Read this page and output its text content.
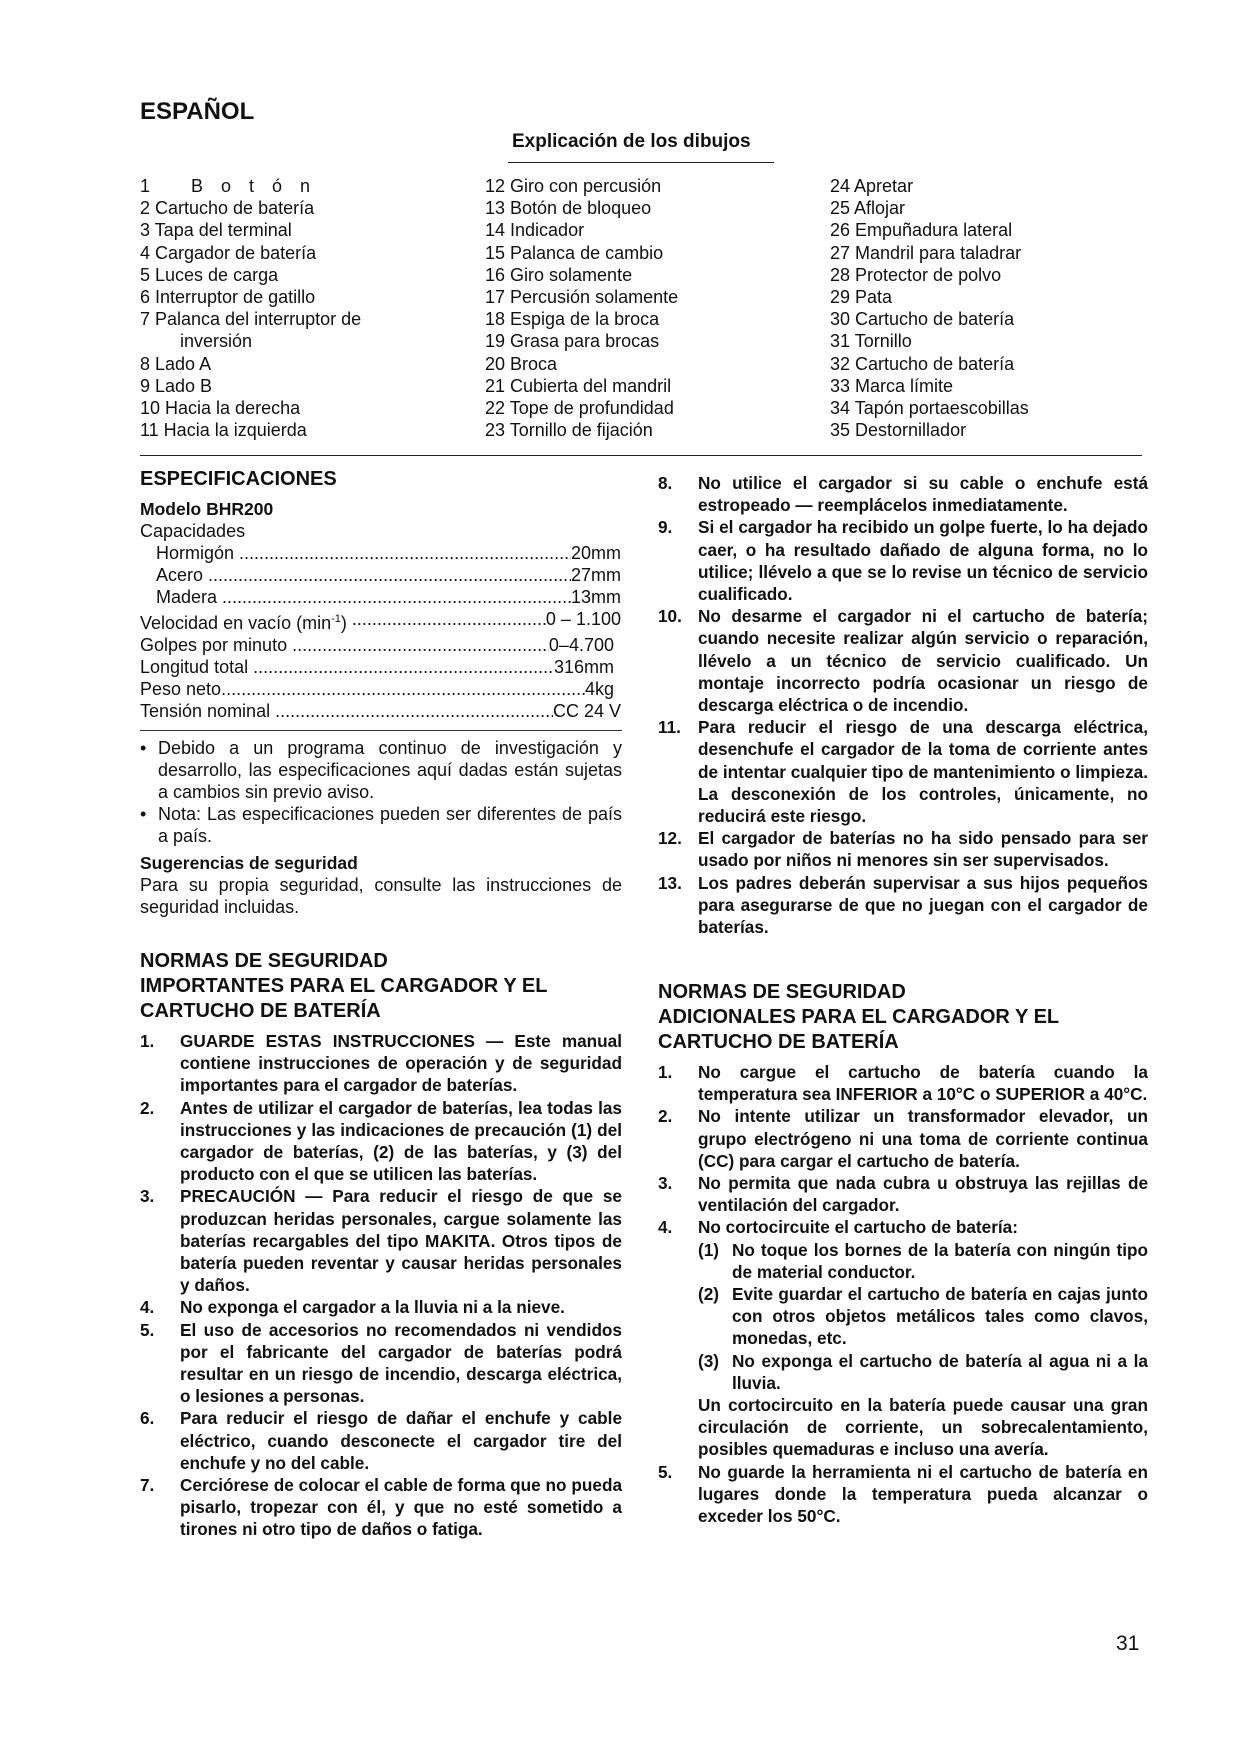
ESPAÑOL
Explicación de los dibujos
1 Botón
2 Cartucho de batería
3 Tapa del terminal
4 Cargador de batería
5 Luces de carga
6 Interruptor de gatillo
7 Palanca del interruptor de
inversión
8 Lado A
9 Lado B
10 Hacia la derecha
11 Hacia la izquierda
12 Giro con percusión
13 Botón de bloqueo
14 Indicador
15 Palanca de cambio
16 Giro solamente
17 Percusión solamente
18 Espiga de la broca
19 Grasa para brocas
20 Broca
21 Cubierta del mandril
22 Tope de profundidad
23 Tornillo de fijación
24 Apretar
25 Aflojar
26 Empuñadura lateral
27 Mandril para taladrar
28 Protector de polvo
29 Pata
30 Cartucho de batería
31 Tornillo
32 Cartucho de batería
33 Marca límite
34 Tapón portaescobillas
35 Destornillador
ESPECIFICACIONES
Modelo BHR200
Capacidades
Hormigón .....	20mm
Acero .....	27mm
Madera .....	13mm
Velocidad en vacío $(\min^{-1})$ .....	0 – 1.100
Golpes por minuto .....	0–4.700
Longitud total .....	316mm
Peso neto .....	4kg
Tensión nominal .....	CC 24 V
• Debido a un programa continuo de investigación y desarrollo, las especificaciones aquí dadas están sujetas a cambios sin previo aviso.
• Nota: Las especificaciones pueden ser diferentes de país a país.
Sugerencias de seguridad
Para su propia seguridad, consulte las instrucciones de seguridad incluidas.
NORMAS DE SEGURIDAD
IMPORTANTES PARA EL CARGADOR Y EL
CARTUCHO DE BATERÍA
1.	GUARDE ESTAS INSTRUCCIONES — Este manual contiene instrucciones de operación y de seguridad importantes para el cargador de baterías.
2.	Antes de utilizar el cargador de baterías, lea todas las instrucciones y las indicaciones de precaución (1) del cargador de baterías, (2) de las baterías, y (3) del producto con el que se utilicen las baterías.
3.	PRECAUCIÓN — Para reducir el riesgo de que se produzcan heridas personales, cargue solamente las baterías recargables del tipo MAKITA. Otros tipos de batería pueden reventar y causar heridas personales y daños.
4.	No exponga el cargador a la lluvia ni a la nieve.
5.	El uso de accesorios no recomendados ni vendidos por el fabricante del cargador de baterías podrá resultar en un riesgo de incendio, descarga eléctrica, o lesiones a personas.
6.	Para reducir el riesgo de dañar el enchufe y cable eléctrico, cuando desconecte el cargador tire del enchufe y no del cable.
7.	Cerciórese de colocar el cable de forma que no pueda pisarlo, tropezar con él, y que no esté sometido a tirones ni otro tipo de daños o fatiga.
8.	No utilice el cargador si su cable o enchufe está estropeado — reemplácelos inmediatamente.
9.	Si el cargador ha recibido un golpe fuerte, lo ha dejado caer, o ha resultado dañado de alguna forma, no lo utilice; llévelo a que se lo revise un técnico de servicio cualificado.
10. No desarme el cargador ni el cartucho de batería; cuando necesite realizar algún servicio o reparación, llévelo a un técnico de servicio cualificado. Un montaje incorrecto podría ocasionar un riesgo de descarga eléctrica o de incendio.
11. Para reducir el riesgo de una descarga eléctrica, desenchufe el cargador de la toma de corriente antes de intentar cualquier tipo de mantenimiento o limpieza. La desconexión de los controles, únicamente, no reducirá este riesgo.
12. El cargador de baterías no ha sido pensado para ser usado por niños ni menores sin ser supervisados.
13. Los padres deberán supervisar a sus hijos pequeños para asegurarse de que no juegan con el cargador de baterías.
NORMAS DE SEGURIDAD
ADICIONALES PARA EL CARGADOR Y EL
CARTUCHO DE BATERÍA
1.	No cargue el cartucho de batería cuando la temperatura sea INFERIOR a 10°C o SUPERIOR a 40°C.
2.	No intente utilizar un transformador elevador, un grupo electrógeno ni una toma de corriente continua (CC) para cargar el cartucho de batería.
3.	No permita que nada cubra u obstruya las rejillas de ventilación del cargador.
4.	No cortocircuite el cartucho de batería:
(1) No toque los bornes de la batería con ningún tipo de material conductor.
(2) Evite guardar el cartucho de batería en cajas junto con otros objetos metálicos tales como clavos, monedas, etc.
(3) No exponga el cartucho de batería al agua ni a la lluvia.
Un cortocircuito en la batería puede causar una gran circulación de corriente, un sobrecalentamiento, posibles quemaduras e incluso una avería.
5.	No guarde la herramienta ni el cartucho de batería en lugares donde la temperatura pueda alcanzar o exceder los 50°C.
31
